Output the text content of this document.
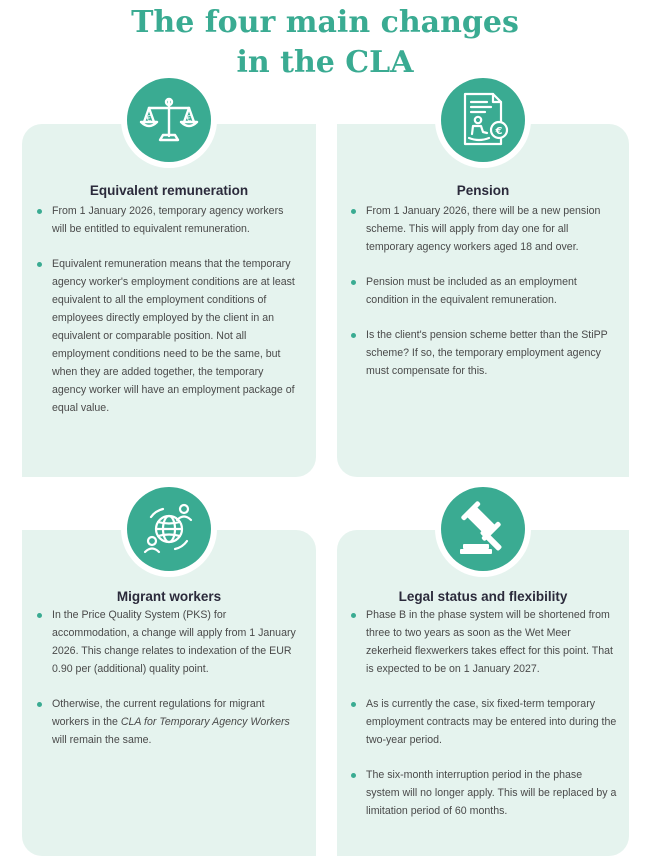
The four main changes
in the CLA
€	€
Equivalent remuneration
From 1 January 2026, temporary agency workers will be entitled to equivalent remuneration.
Equivalent remuneration means that the temporary agency worker's employment conditions are at least equivalent to all the employment conditions of employees directly employed by the client in an equivalent or comparable position. Not all employment conditions need to be the same, but when they are added together, the temporary agency worker will have an employment package of equal value.
€
Pension
From 1 January 2026, there will be a new pension scheme. This will apply from day one for all temporary agency workers aged 18 and over.
Pension must be included as an employment condition in the equivalent remuneration.
Is the client's pension scheme better than the StiPP scheme? If so, the temporary employment agency must compensate for this.
Migrant workers
In the Price Quality System (PKS) for accommodation, a change will apply from 1 January 2026. This change relates to indexation of the EUR 0.90 per (additional) quality point.
Otherwise, the current regulations for migrant workers in the CLA for Temporary Agency Workers will remain the same.
Legal status and flexibility
Phase B in the phase system will be shortened from three to two years as soon as the Wet Meer zekerheid flexwerkers takes effect for this point. That is expected to be on 1 January 2027.
As is currently the case, six fixed-term temporary employment contracts may be entered into during the two-year period.
The six-month interruption period in the phase system will no longer apply. This will be replaced by a limitation period of 60 months.
